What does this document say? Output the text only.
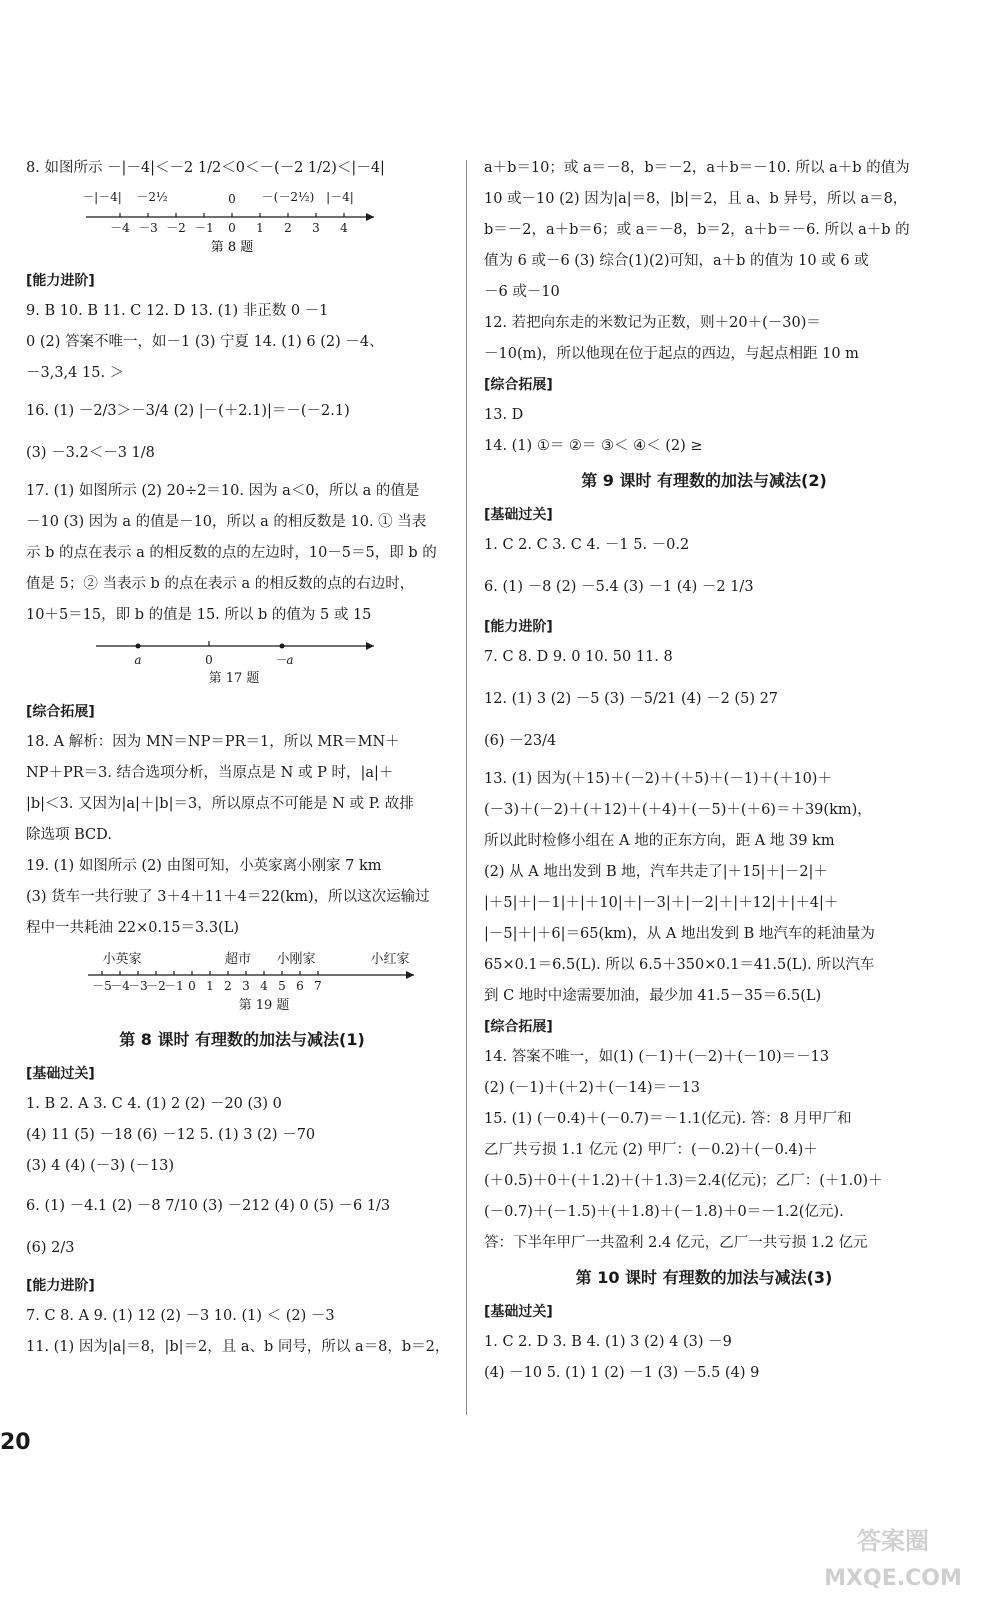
8. 如图所示 －|－4|＜－2 1/2＜0＜－(－2 1/2)＜|－4|
－|－4| －2½	0 －(－2½) |－4|
－4 －3 －2 －1 0 1 2 3 4
第 8 题
[能力进阶]
9. B 10. B 11. C 12. D 13. (1) 非正数 0 －1
0 (2) 答案不唯一，如－1 (3) 宁夏 14. (1) 6 (2) －4、
－3,3,4 15. ＞
16. (1) －2/3＞－3/4 (2) |－(＋2.1)|＝－(－2.1)
(3) －3.2＜－3 1/8
17. (1) 如图所示 (2) 20÷2＝10. 因为 a＜0，所以 a 的值是
－10 (3) 因为 a 的值是－10，所以 a 的相反数是 10. ① 当表
示 b 的点在表示 a 的相反数的点的左边时，10－5＝5，即 b 的
值是 5；② 当表示 b 的点在表示 a 的相反数的点的右边时，
10＋5＝15，即 b 的值是 15. 所以 b 的值为 5 或 15
a	0	－a
第 17 题
[综合拓展]
18. A 解析：因为 MN＝NP＝PR＝1，所以 MR＝MN＋
NP＋PR＝3. 结合选项分析，当原点是 N 或 P 时，|a|＋
|b|＜3. 又因为|a|＋|b|＝3，所以原点不可能是 N 或 P. 故排
除选项 BCD.
19. (1) 如图所示 (2) 由图可知，小英家离小刚家 7 km
(3) 货车一共行驶了 3＋4＋11＋4＝22(km)，所以这次运输过
程中一共耗油 22×0.15＝3.3(L)
小英家	超市 小刚家	小红家
－5
－4
－3
－2
－1 0 1 2 3 4 5 6 7
第 19 题
第 8 课时 有理数的加法与减法(1)
[基础过关]
1. B 2. A 3. C 4. (1) 2 (2) －20 (3) 0
(4) 11 (5) －18 (6) －12 5. (1) 3 (2) －70
(3) 4 (4) (－3) (－13)
6. (1) －4.1 (2) －8 7/10 (3) －212 (4) 0 (5) －6 1/3
(6) 2/3
[能力进阶]
7. C 8. A 9. (1) 12 (2) －3 10. (1) ＜ (2) －3
11. (1) 因为|a|＝8，|b|＝2，且 a、b 同号，所以 a＝8，b＝2，
a＋b＝10；或 a＝－8，b＝－2，a＋b＝－10. 所以 a＋b 的值为
10 或－10 (2) 因为|a|＝8，|b|＝2，且 a、b 异号，所以 a＝8，
b＝－2，a＋b＝6；或 a＝－8，b＝2，a＋b＝－6. 所以 a＋b 的
值为 6 或－6 (3) 综合(1)(2)可知，a＋b 的值为 10 或 6 或
－6 或－10
12. 若把向东走的米数记为正数，则＋20＋(－30)＝
－10(m)，所以他现在位于起点的西边，与起点相距 10 m
[综合拓展]
13. D
14. (1) ①＝ ②＝ ③＜ ④＜ (2) ≥
第 9 课时 有理数的加法与减法(2)
[基础过关]
1. C 2. C 3. C 4. －1 5. －0.2
6. (1) －8 (2) －5.4 (3) －1 (4) －2 1/3
[能力进阶]
7. C 8. D 9. 0 10. 50 11. 8
12. (1) 3 (2) －5 (3) －5/21 (4) －2 (5) 27
(6) －23/4
13. (1) 因为(＋15)＋(－2)＋(＋5)＋(－1)＋(＋10)＋
(－3)＋(－2)＋(＋12)＋(＋4)＋(－5)＋(＋6)＝＋39(km)，
所以此时检修小组在 A 地的正东方向，距 A 地 39 km
(2) 从 A 地出发到 B 地，汽车共走了|＋15|＋|－2|＋
|＋5|＋|－1|＋|＋10|＋|－3|＋|－2|＋|＋12|＋|＋4|＋
|－5|＋|＋6|＝65(km)，从 A 地出发到 B 地汽车的耗油量为
65×0.1＝6.5(L). 所以 6.5＋350×0.1＝41.5(L). 所以汽车
到 C 地时中途需要加油，最少加 41.5－35＝6.5(L)
[综合拓展]
14. 答案不唯一，如(1) (－1)＋(－2)＋(－10)＝－13
(2) (－1)＋(＋2)＋(－14)＝－13
15. (1) (－0.4)＋(－0.7)＝－1.1(亿元). 答：8 月甲厂和
乙厂共亏损 1.1 亿元 (2) 甲厂：(－0.2)＋(－0.4)＋
(＋0.5)＋0＋(＋1.2)＋(＋1.3)＝2.4(亿元)；乙厂：(＋1.0)＋
(－0.7)＋(－1.5)＋(＋1.8)＋(－1.8)＋0＝－1.2(亿元).
答：下半年甲厂一共盈利 2.4 亿元，乙厂一共亏损 1.2 亿元
第 10 课时 有理数的加法与减法(3)
[基础过关]
1. C 2. D 3. B 4. (1) 3 (2) 4 (3) －9
(4) －10 5. (1) 1 (2) －1 (3) －5.5 (4) 9
20
答案圈
MXQE.COM
